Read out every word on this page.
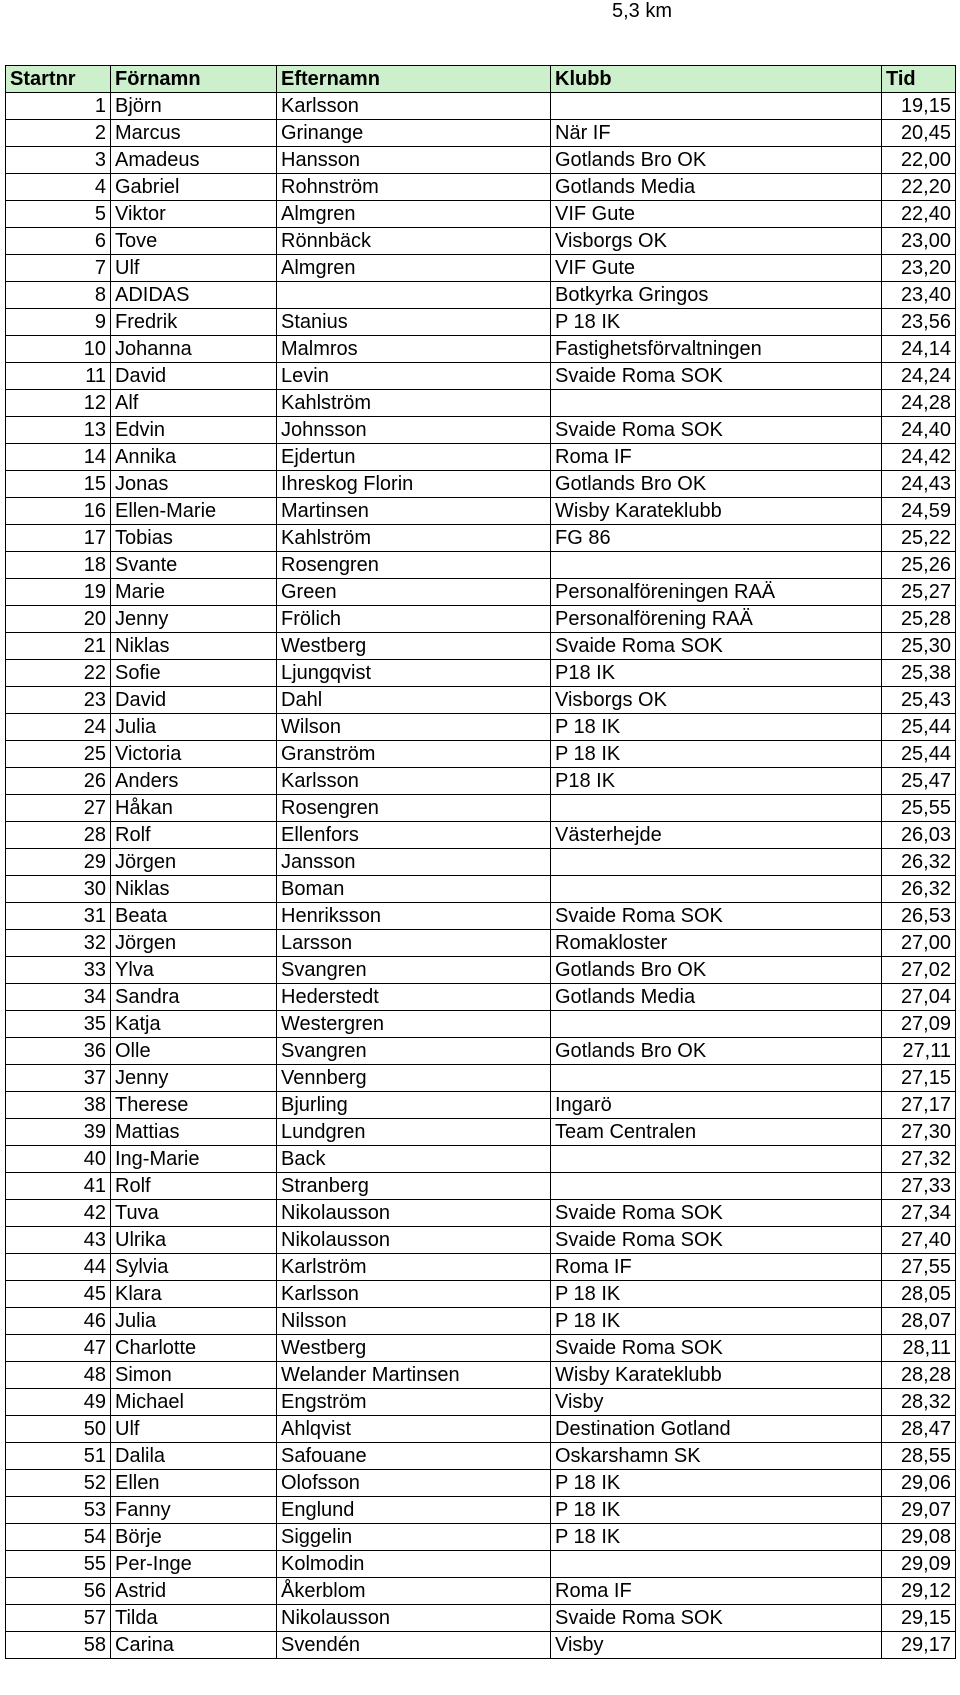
5,3 km
Startnr	Förnamn	Efternamn	Klubb	Tid
1	Björn	Karlsson		19,15
2	Marcus	Grinange	När IF	20,45
3	Amadeus	Hansson	Gotlands Bro OK	22,00
4	Gabriel	Rohnström	Gotlands Media	22,20
5	Viktor	Almgren	VIF Gute	22,40
6	Tove	Rönnbäck	Visborgs OK	23,00
7	Ulf	Almgren	VIF Gute	23,20
8	ADIDAS		Botkyrka Gringos	23,40
9	Fredrik	Stanius	P 18 IK	23,56
10	Johanna	Malmros	Fastighetsförvaltningen	24,14
11	David	Levin	Svaide Roma SOK	24,24
12	Alf	Kahlström		24,28
13	Edvin	Johnsson	Svaide Roma SOK	24,40
14	Annika	Ejdertun	Roma IF	24,42
15	Jonas	Ihreskog Florin	Gotlands Bro OK	24,43
16	Ellen-Marie	Martinsen	Wisby Karateklubb	24,59
17	Tobias	Kahlström	FG 86	25,22
18	Svante	Rosengren		25,26
19	Marie	Green	Personalföreningen RAÄ	25,27
20	Jenny	Frölich	Personalförening RAÄ	25,28
21	Niklas	Westberg	Svaide Roma SOK	25,30
22	Sofie	Ljungqvist	P18 IK	25,38
23	David	Dahl	Visborgs OK	25,43
24	Julia	Wilson	P 18 IK	25,44
25	Victoria	Granström	P 18 IK	25,44
26	Anders	Karlsson	P18 IK	25,47
27	Håkan	Rosengren		25,55
28	Rolf	Ellenfors	Västerhejde	26,03
29	Jörgen	Jansson		26,32
30	Niklas	Boman		26,32
31	Beata	Henriksson	Svaide Roma SOK	26,53
32	Jörgen	Larsson	Romakloster	27,00
33	Ylva	Svangren	Gotlands Bro OK	27,02
34	Sandra	Hederstedt	Gotlands Media	27,04
35	Katja	Westergren		27,09
36	Olle	Svangren	Gotlands Bro OK	27,11
37	Jenny	Vennberg		27,15
38	Therese	Bjurling	Ingarö	27,17
39	Mattias	Lundgren	Team Centralen	27,30
40	Ing-Marie	Back		27,32
41	Rolf	Stranberg		27,33
42	Tuva	Nikolausson	Svaide Roma SOK	27,34
43	Ulrika	Nikolausson	Svaide Roma SOK	27,40
44	Sylvia	Karlström	Roma IF	27,55
45	Klara	Karlsson	P 18 IK	28,05
46	Julia	Nilsson	P 18 IK	28,07
47	Charlotte	Westberg	Svaide Roma SOK	28,11
48	Simon	Welander Martinsen	Wisby Karateklubb	28,28
49	Michael	Engström	Visby	28,32
50	Ulf	Ahlqvist	Destination Gotland	28,47
51	Dalila	Safouane	Oskarshamn SK	28,55
52	Ellen	Olofsson	P 18 IK	29,06
53	Fanny	Englund	P 18 IK	29,07
54	Börje	Siggelin	P 18 IK	29,08
55	Per-Inge	Kolmodin		29,09
56	Astrid	Åkerblom	Roma IF	29,12
57	Tilda	Nikolausson	Svaide Roma SOK	29,15
58	Carina	Svendén	Visby	29,17
